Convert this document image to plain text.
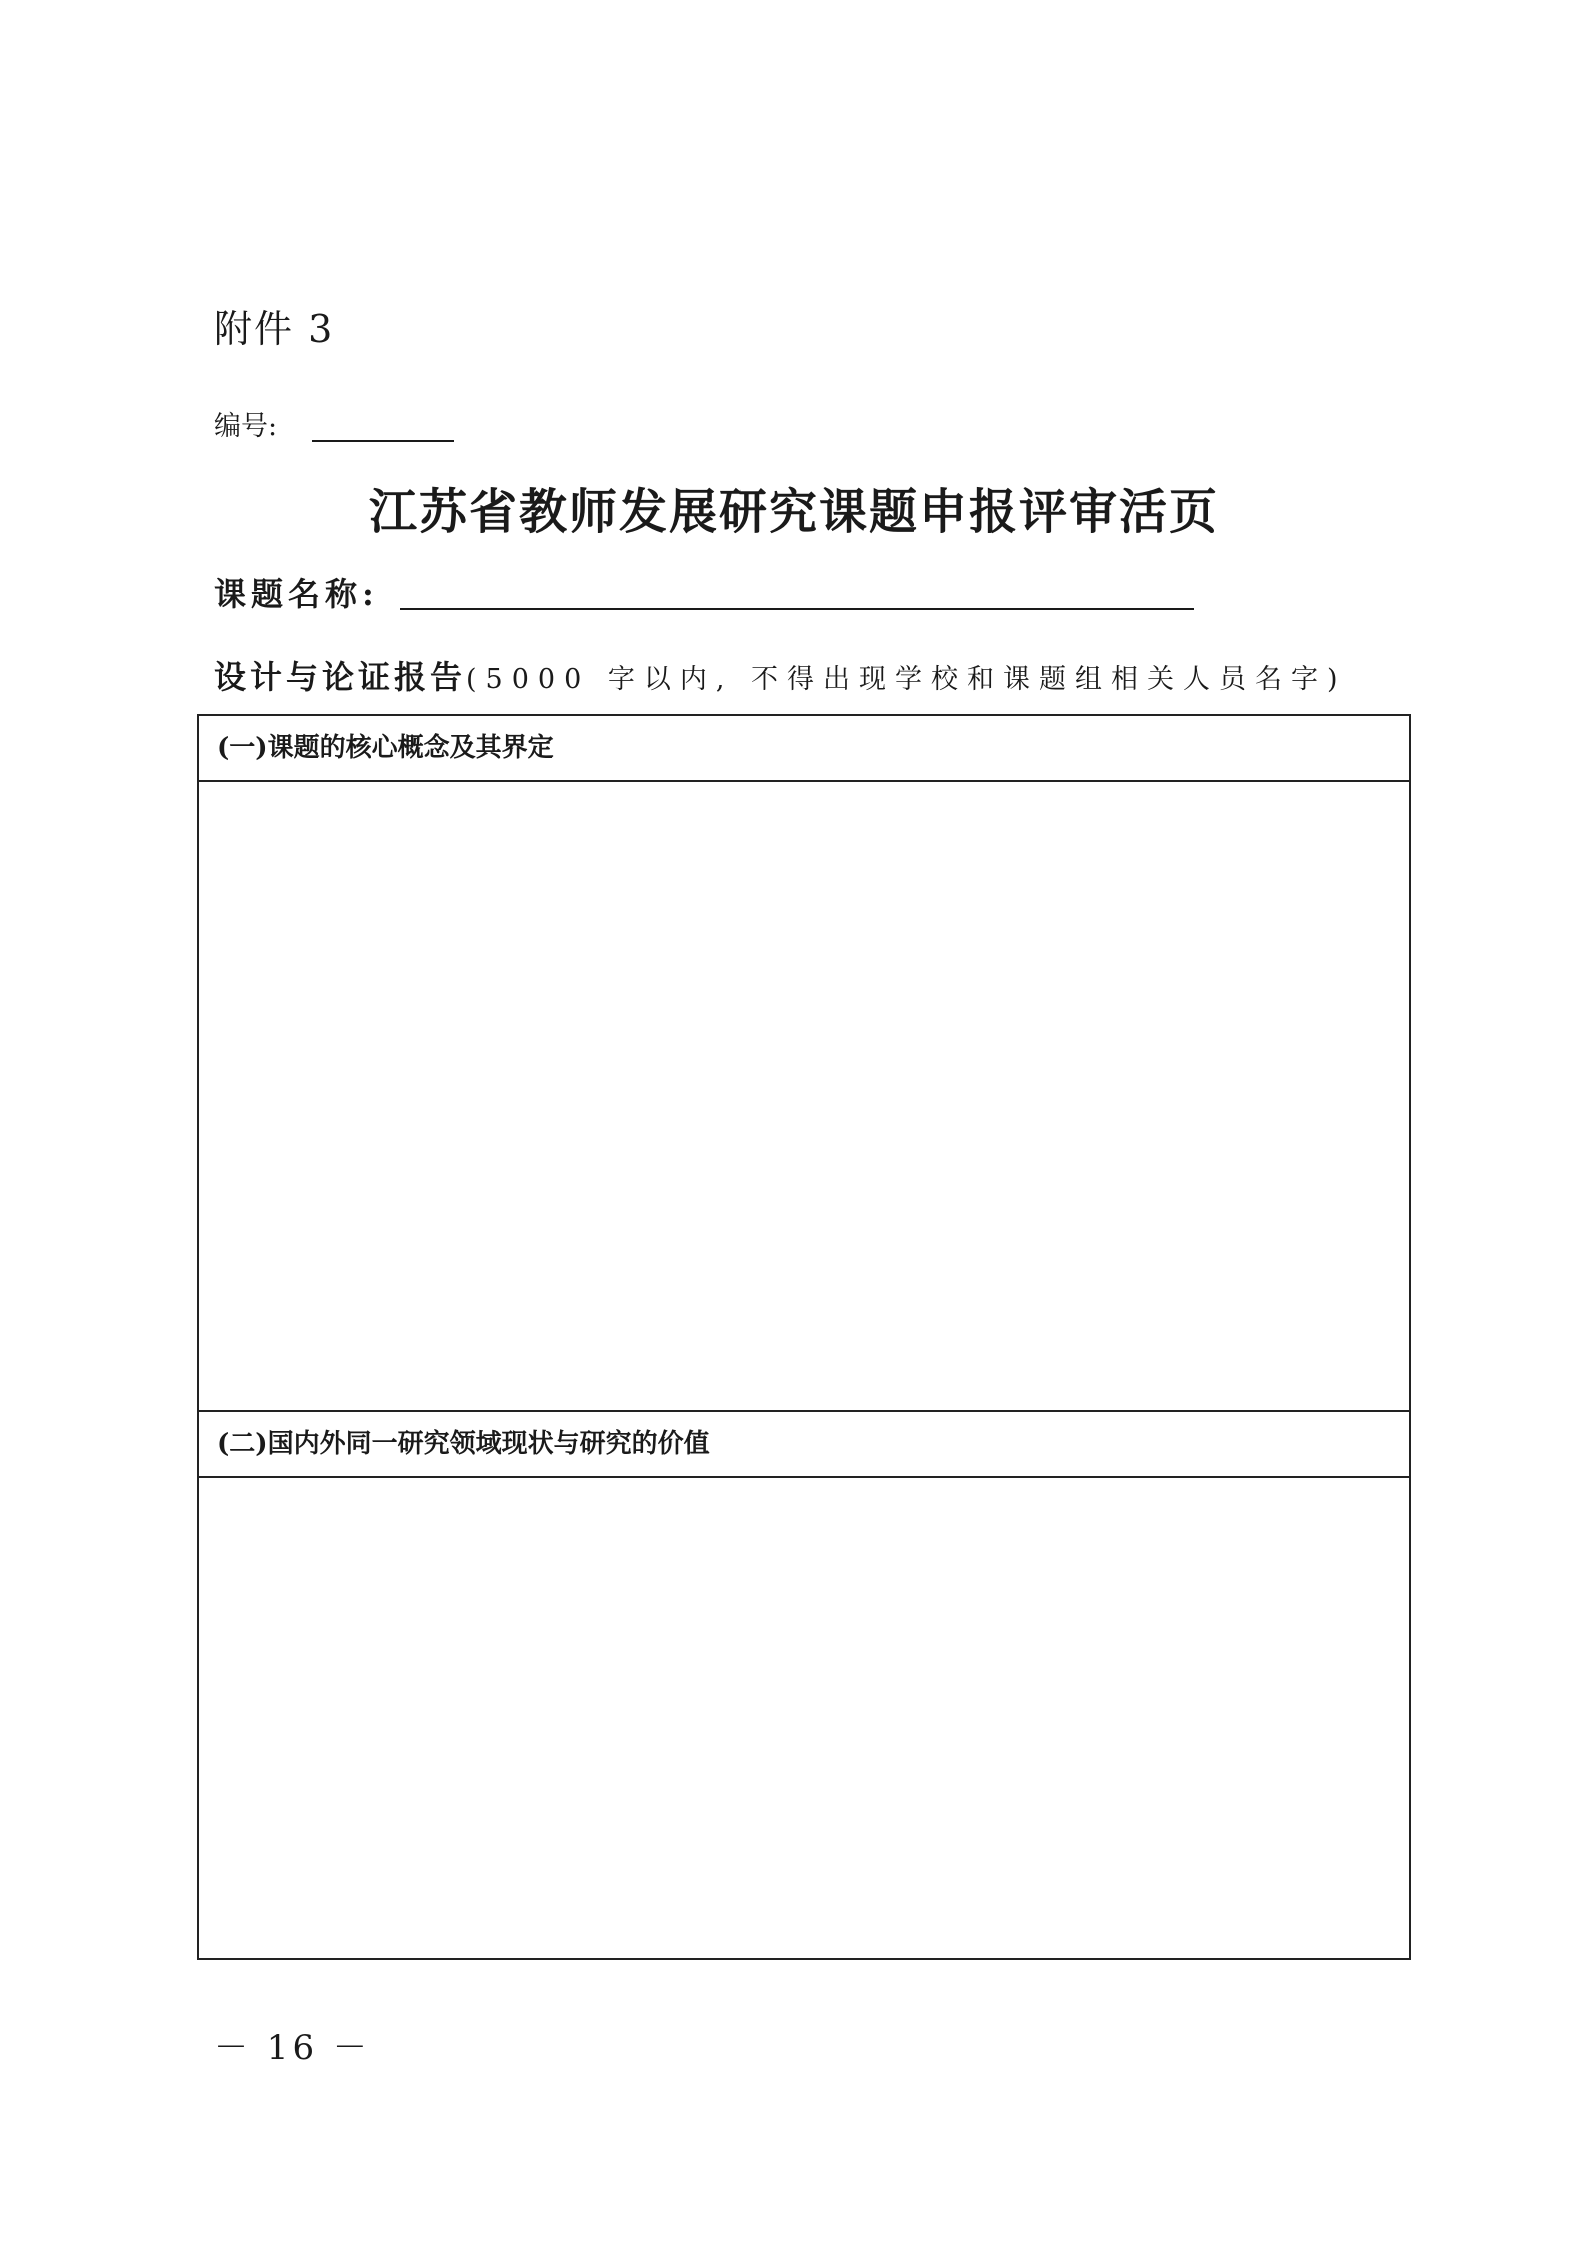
附件 3
编号:
江苏省教师发展研究课题申报评审活页
课题名称:
设计与论证报告(5000 字以内, 不得出现学校和课题组相关人员名字)
(一)课题的核心概念及其界定
(二)国内外同一研究领域现状与研究的价值
－ 16 －
